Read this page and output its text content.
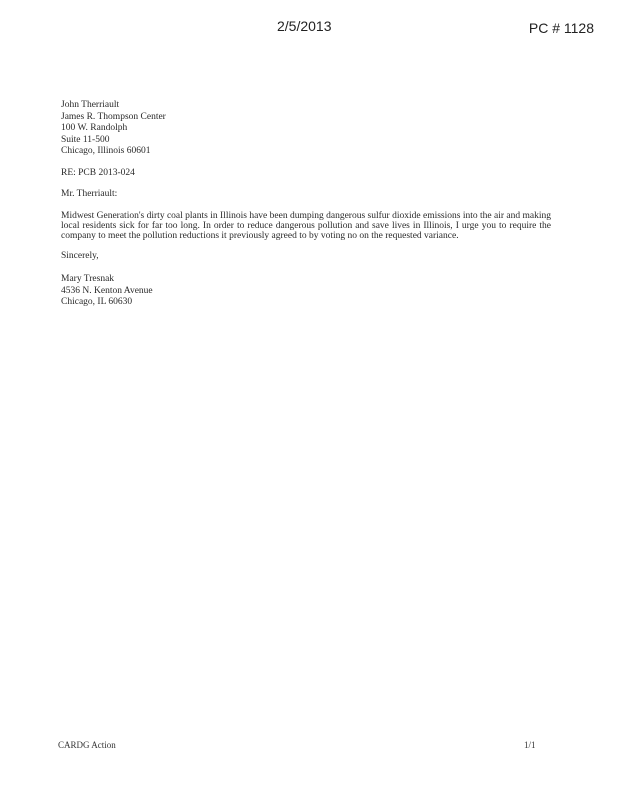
2/5/2013	PC # 1128
John Therriault
James R. Thompson Center
100 W. Randolph
Suite 11-500
Chicago, Illinois 60601
RE: PCB 2013-024
Mr. Therriault:
Midwest Generation's dirty coal plants in Illinois have been dumping dangerous sulfur dioxide emissions into the air and making local residents sick for far too long. In order to reduce dangerous pollution and save lives in Illinois, I urge you to require the company to meet the pollution reductions it previously agreed to by voting no on the requested variance.
Sincerely,
Mary Tresnak
4536 N. Kenton Avenue
Chicago, IL 60630
CARDG Action	1/1
